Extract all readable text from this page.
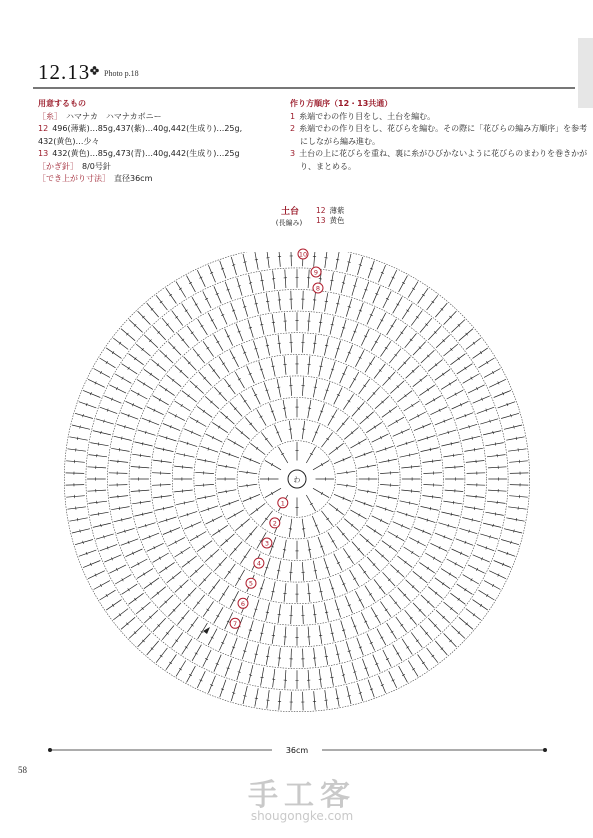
12.13 Photo p.18
用意するもの
［糸］ ハマナカ　ハマナカボニー
12 496(薄紫)…85g,437(紫)…40g,442(生成り)…25g,
432(黄色)…少々
13 432(黄色)…85g,473(青)…40g,442(生成り)…25g
［かぎ針］ 8/0号針
［でき上がり寸法］ 直径36cm
作り方順序（12・13共通）
1 糸端でわの作り目をし、土台を編む。
2 糸端でわの作り目をし、花びらを編む。その際に「花びらの編み方順序」を参考
にしながら編み進む。
3 土台の上に花びらを重ね、裏に糸がひびかないように花びらのまわりを巻きかが
り、まとめる。
土台
(長編み)
12 薄紫
13 黄色
わ
1
2
3
4
5
6
7
8
9
10
36cm
58
手工客
shougongke.com
